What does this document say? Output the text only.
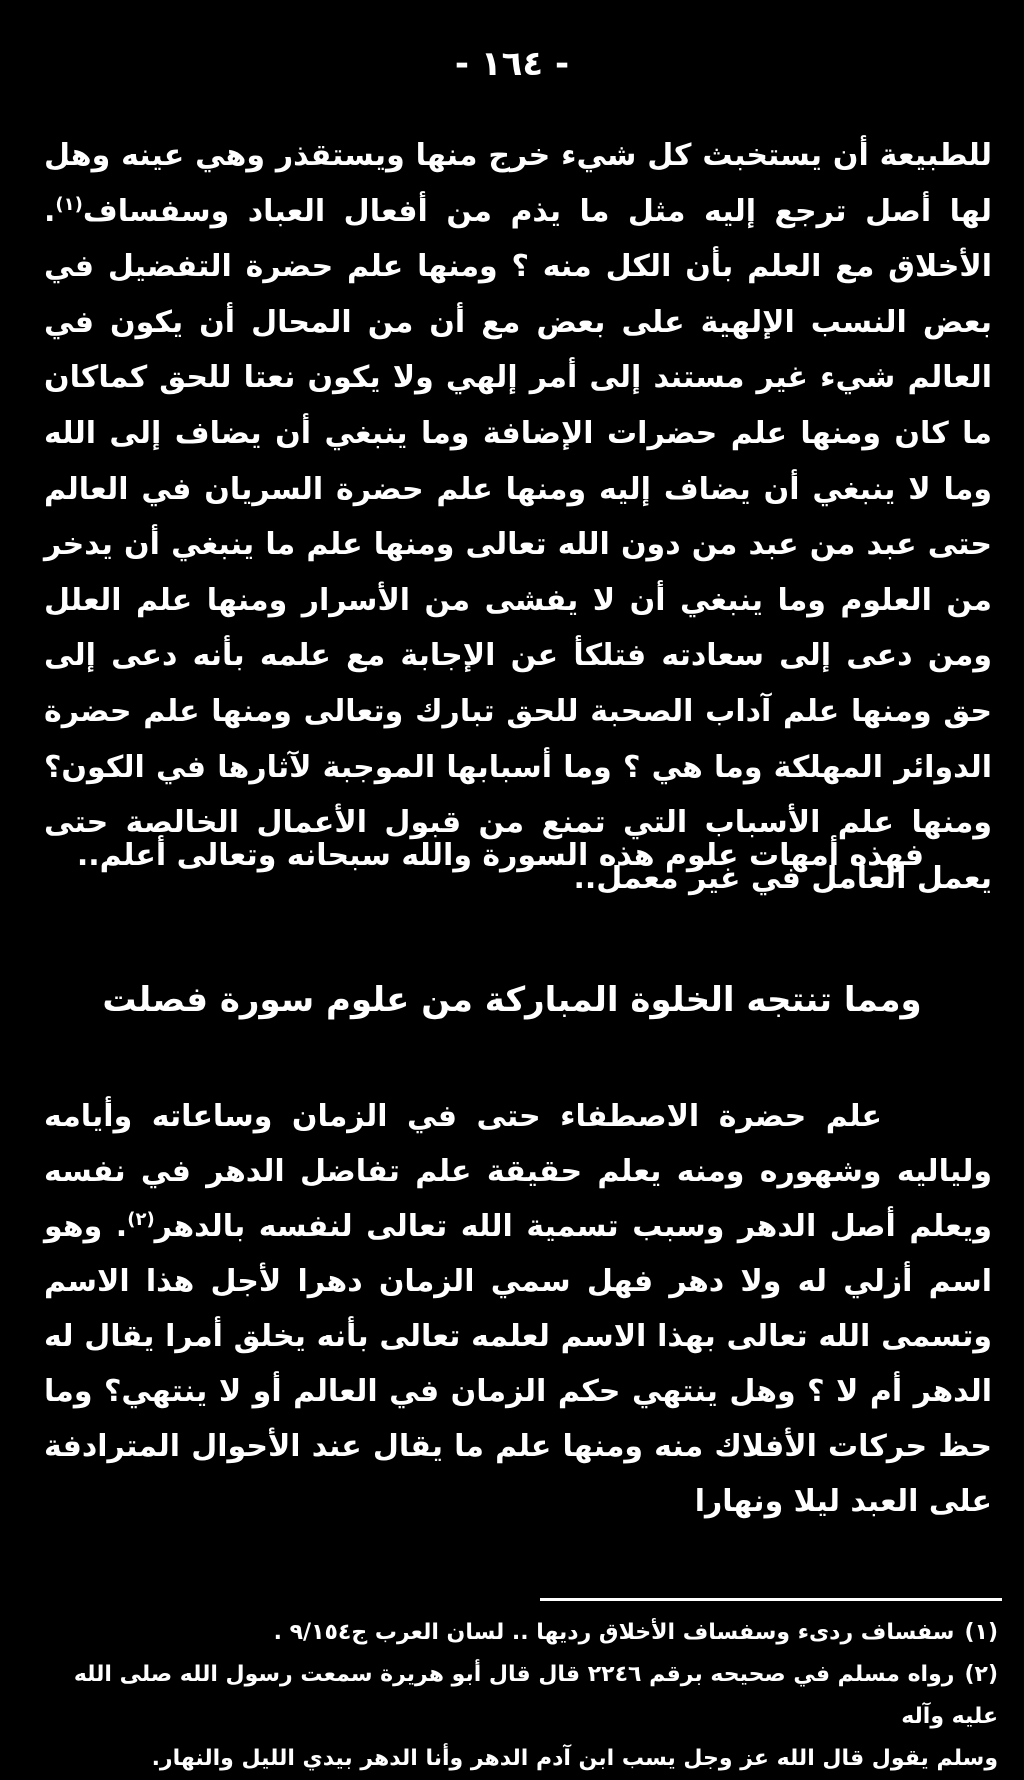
- ١٦٤ -
للطبيعة أن يستخبث كل شيء خرج منها ويستقذر وهي عينه وهل لها أصل ترجع إليه مثل ما يذم من أفعال العباد وسفساف$^{(١)}$. الأخلاق مع العلم بأن الكل منه ؟ ومنها علم حضرة التفضيل في بعض النسب الإلهية على بعض مع أن من المحال أن يكون في العالم شيء غير مستند إلى أمر إلهي ولا يكون نعتا للحق كماكان ما كان ومنها علم حضرات الإضافة وما ينبغي أن يضاف إلى الله وما لا ينبغي أن يضاف إليه ومنها علم حضرة السريان في العالم حتى عبد من عبد من دون الله تعالى ومنها علم ما ينبغي أن يدخر من العلوم وما ينبغي أن لا يفشى من الأسرار ومنها علم العلل ومن دعى إلى سعادته فتلكأ عن الإجابة مع علمه بأنه دعى إلى حق ومنها علم آداب الصحبة للحق تبارك وتعالى ومنها علم حضرة الدوائر المهلكة وما هي ؟ وما أسبابها الموجبة لآثارها في الكون؟ ومنها علم الأسباب التي تمنع من قبول الأعمال الخالصة حتى يعمل العامل في غير معمل..
فهذه أمهات علوم هذه السورة والله سبحانه وتعالى أعلم..
ومما تنتجه الخلوة المباركة من علوم سورة فصلت
علم حضرة الاصطفاء حتى في الزمان وساعاته وأيامه ولياليه وشهوره ومنه يعلم حقيقة علم تفاضل الدهر في نفسه ويعلم أصل الدهر وسبب تسمية الله تعالى لنفسه بالدهر$^{(٢)}$. وهو اسم أزلي له ولا دهر فهل سمي الزمان دهرا لأجل هذا الاسم وتسمى الله تعالى بهذا الاسم لعلمه تعالى بأنه يخلق أمرا يقال له الدهر أم لا ؟ وهل ينتهي حكم الزمان في العالم أو لا ينتهي؟ وما حظ حركات الأفلاك منه ومنها علم ما يقال عند الأحوال المترادفة على العبد ليلا ونهارا
(١)سفساف ردىء وسفساف الأخلاق رديها .. لسان العرب ج٩/١٥٤ .
(٢)رواه مسلم في صحيحه برقم ٢٢٤٦ قال قال أبو هريرة سمعت رسول الله صلى الله عليه وآله
وسلم يقول قال الله عز وجل يسب ابن آدم الدهر وأنا الدهر بيدي الليل والنهار.
